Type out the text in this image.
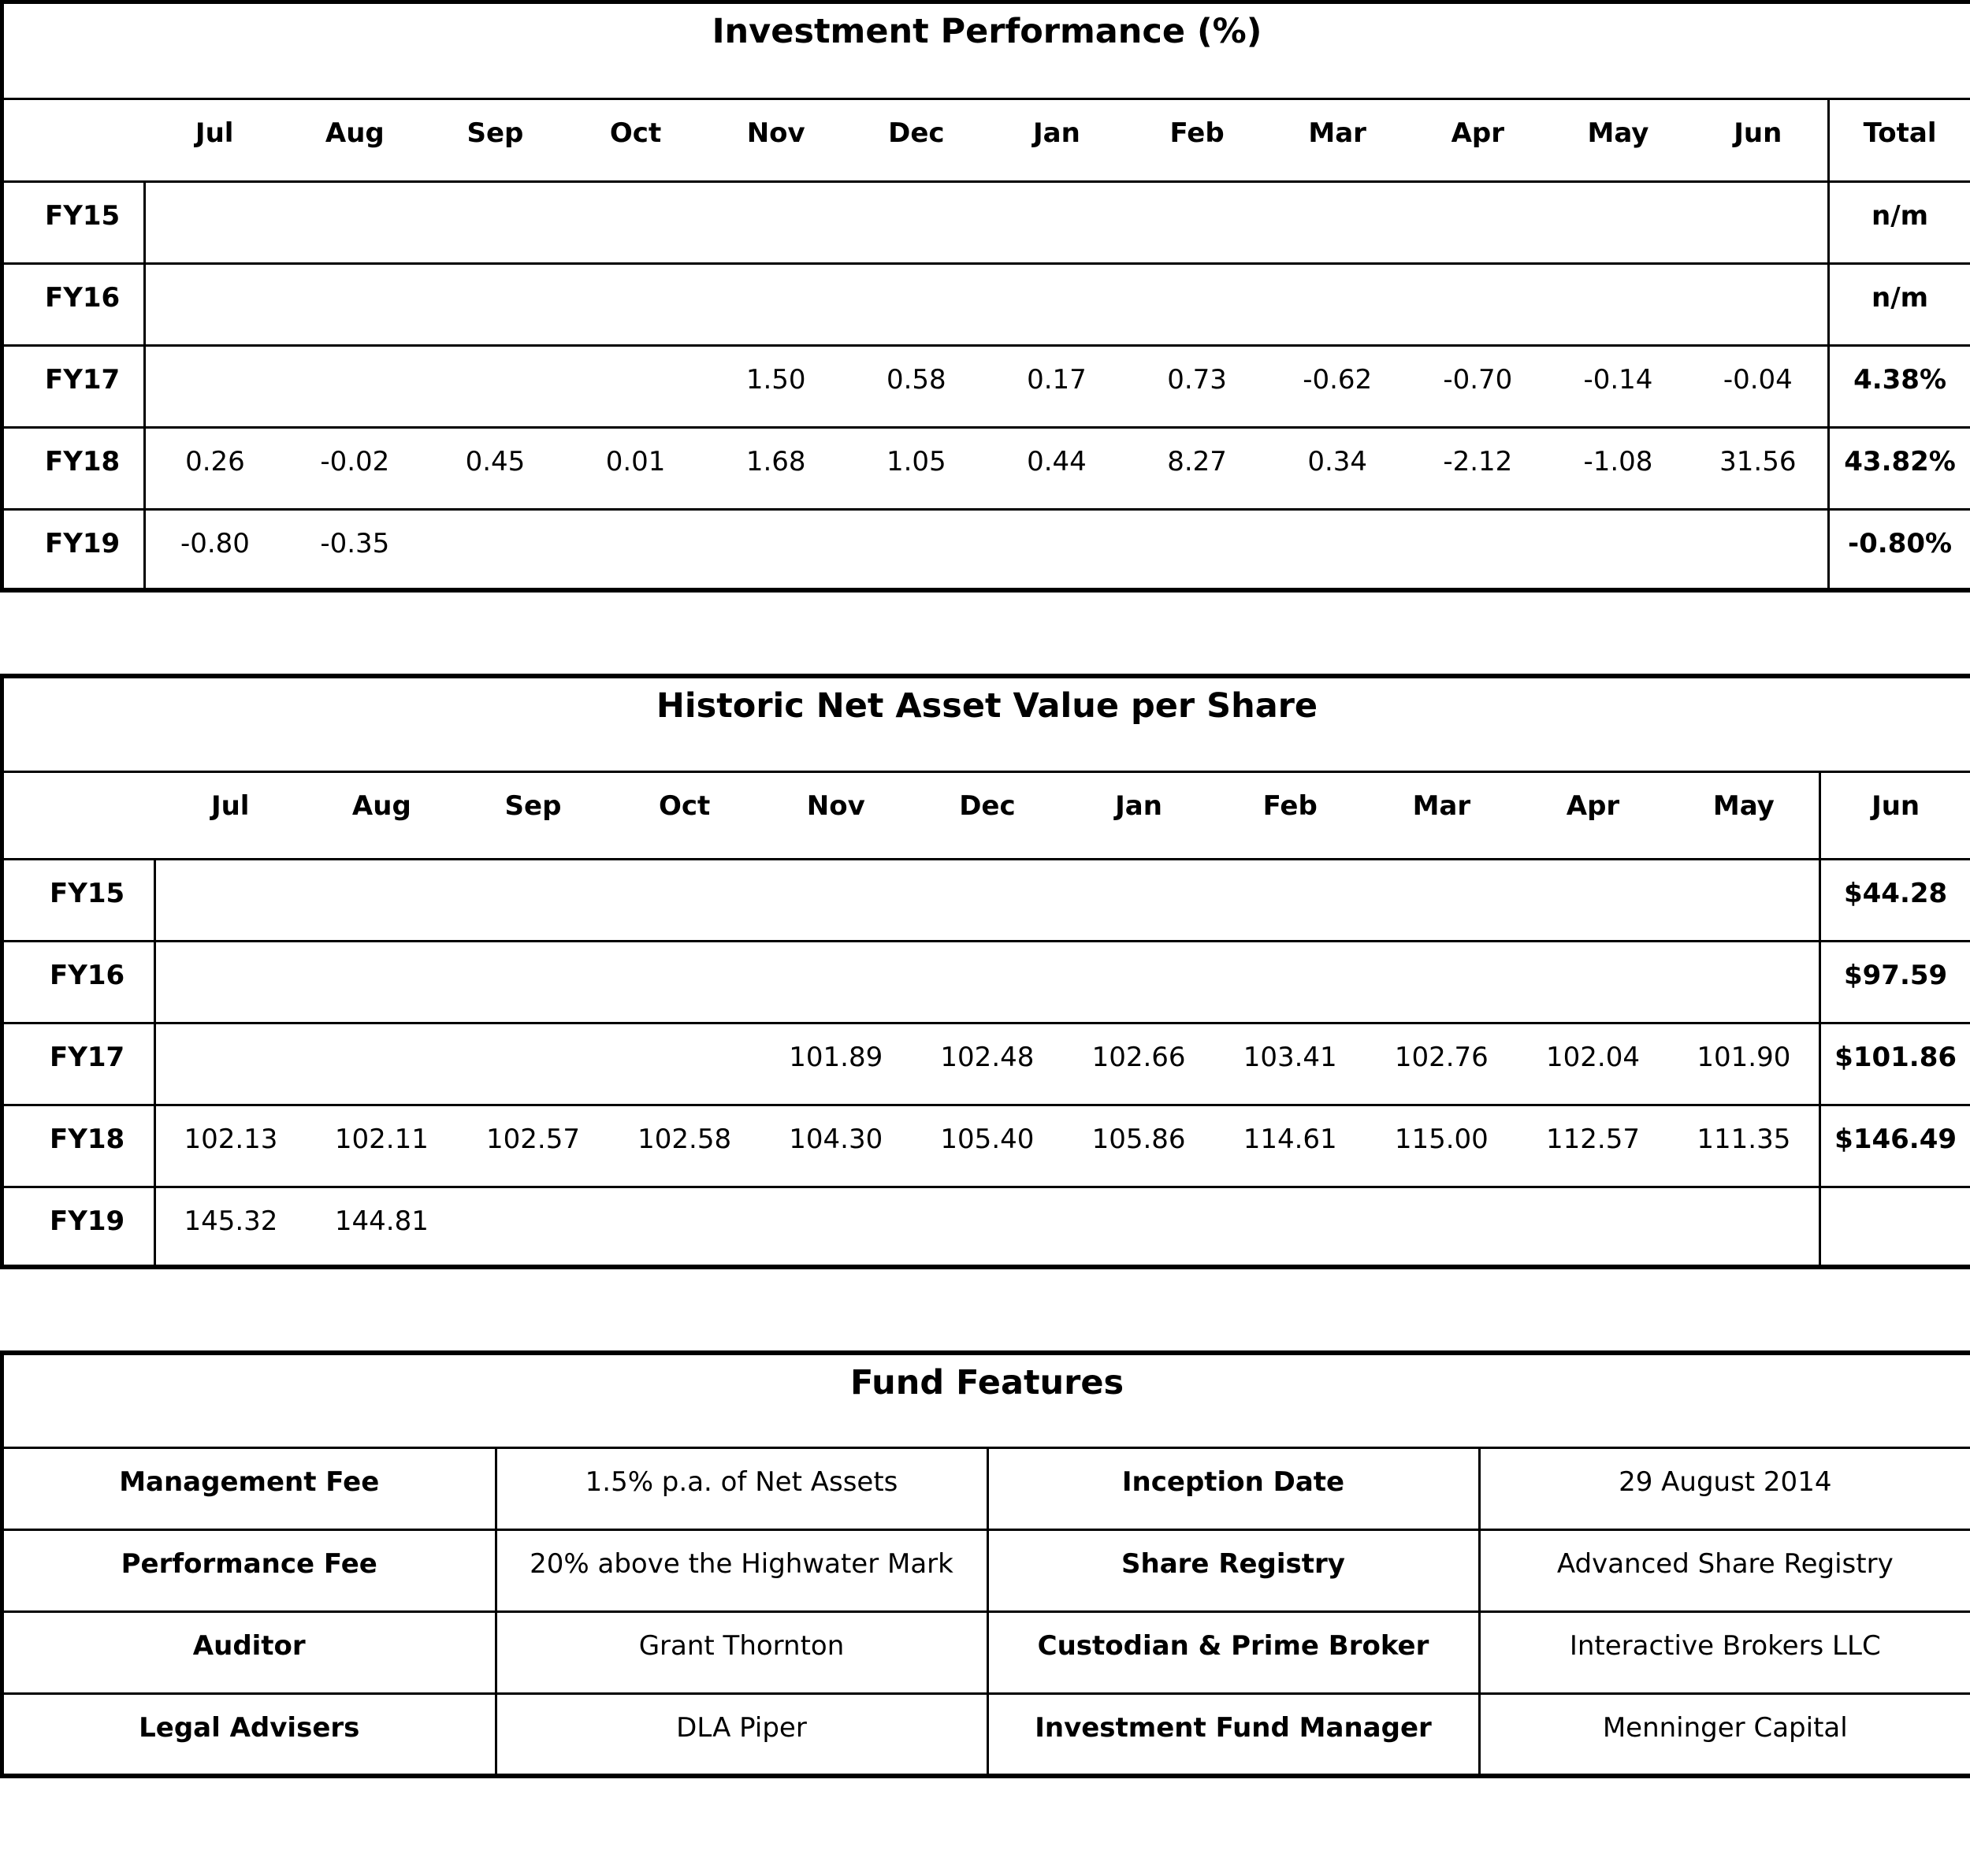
Investment Performance (%)													
	Jul	Aug	Sep	Oct	Nov	Dec	Jan	Feb	Mar	Apr	May	Jun	Total
FY15													n/m
FY16													n/m
FY17					1.50	0.58	0.17	0.73	-0.62	-0.70	-0.14	-0.04	4.38%
FY18	0.26	-0.02	0.45	0.01	1.68	1.05	0.44	8.27	0.34	-2.12	-1.08	31.56	43.82%
FY19	-0.80	-0.35											-0.80%
Historic Net Asset Value per Share												
	Jul	Aug	Sep	Oct	Nov	Dec	Jan	Feb	Mar	Apr	May	Jun
FY15												$44.28
FY16												$97.59
FY17					101.89	102.48	102.66	103.41	102.76	102.04	101.90	$101.86
FY18	102.13	102.11	102.57	102.58	104.30	105.40	105.86	114.61	115.00	112.57	111.35	$146.49
FY19	145.32	144.81										
Fund Features			
Management Fee	1.5% p.a. of Net Assets	Inception Date	29 August 2014
Performance Fee	20% above the Highwater Mark	Share Registry	Advanced Share Registry
Auditor	Grant Thornton	Custodian & Prime Broker	Interactive Brokers LLC
Legal Advisers	DLA Piper	Investment Fund Manager	Menninger Capital
